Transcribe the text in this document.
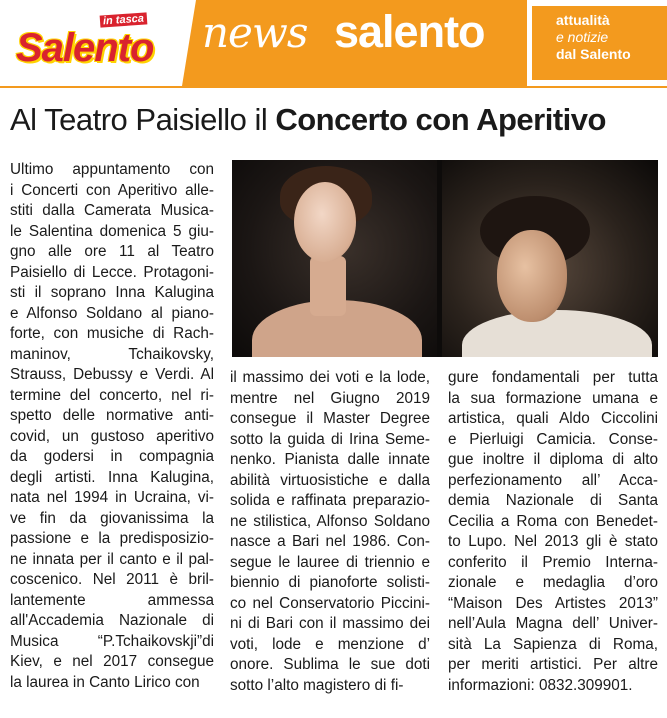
Salento
in tasca news salento	attualità
e notizie
dal Salento
Al Teatro Paisiello il Concerto con Aperitivo
Ultimo appuntamento con
i Concerti con Aperitivo alle-
stiti dalla Camerata Musica-
le Salentina domenica 5 giu-
gno alle ore 11 al Teatro
Paisiello di Lecce. Protagoni-
sti il soprano Inna Kalugina
e Alfonso Soldano al piano-
forte, con musiche di Rach-
maninov, Tchaikovsky,
Strauss, Debussy e Verdi. Al
termine del concerto, nel ri-
spetto delle normative anti-
covid, un gustoso aperitivo
da godersi in compagnia
degli artisti. Inna Kalugina,
nata nel 1994 in Ucraina, vi-
ve fin da giovanissima la
passione e la predisposizio-
ne innata per il canto e il pal-
coscenico. Nel 2011 è bril-
lantemente ammessa
all'Accademia Nazionale di
Musica “P.Tchaikovskji”di
Kiev, e nel 2017 consegue
la laurea in Canto Lirico con
il massimo dei voti e la lode,
mentre nel Giugno 2019
consegue il Master Degree
sotto la guida di Irina Seme-
nenko. Pianista dalle innate
abilità virtuosistiche e dalla
solida e raffinata preparazio-
ne stilistica, Alfonso Soldano
nasce a Bari nel 1986. Con-
segue le lauree di triennio e
biennio di pianoforte solisti-
co nel Conservatorio Piccini-
ni di Bari con il massimo dei
voti, lode e menzione d’
onore. Sublima le sue doti
sotto l’alto magistero di fi-
gure fondamentali per tutta
la sua formazione umana e
artistica, quali Aldo Ciccolini
e Pierluigi Camicia. Conse-
gue inoltre il diploma di alto
perfezionamento all’ Acca-
demia Nazionale di Santa
Cecilia a Roma con Benedet-
to Lupo. Nel 2013 gli è stato
conferito il Premio Interna-
zionale e medaglia d’oro
“Maison Des Artistes 2013”
nell’Aula Magna dell’ Univer-
sità La Sapienza di Roma,
per meriti artistici. Per altre
informazioni: 0832.309901.
